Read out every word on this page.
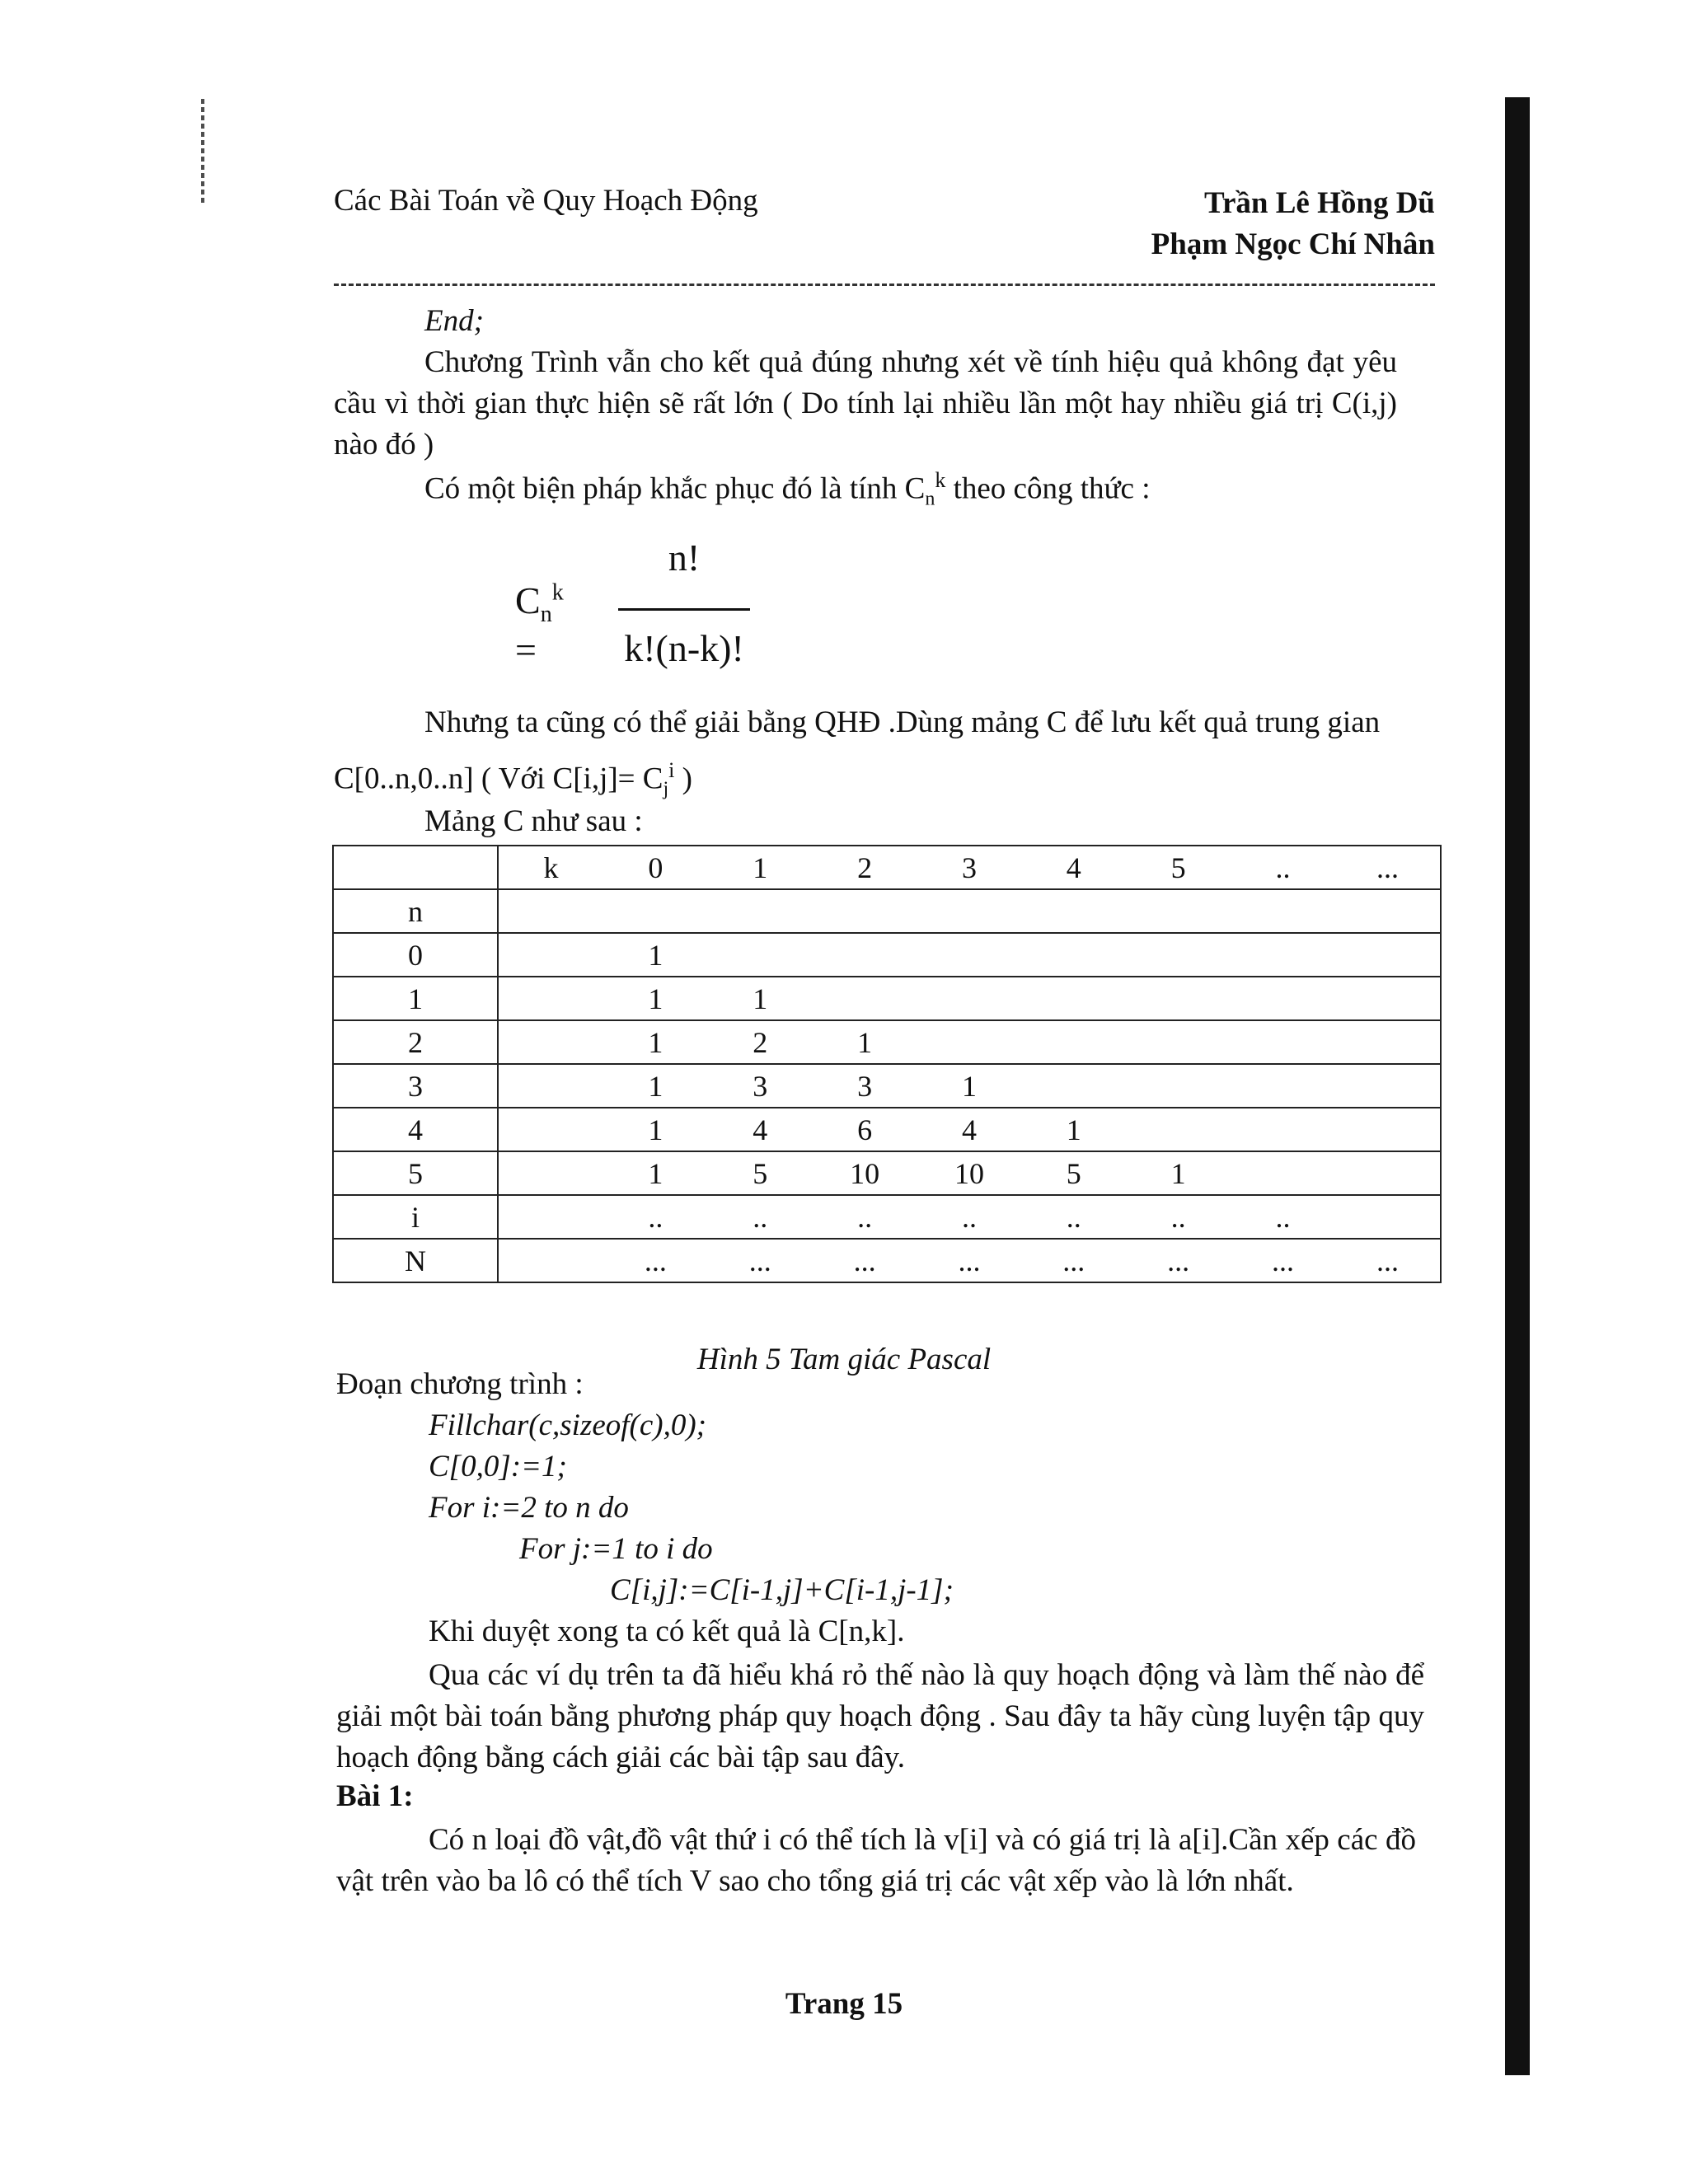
Các Bài Toán về Quy Hoạch Động	Trần Lê Hồng Dũ
Phạm Ngọc Chí Nhân
End;
Chương Trình vẫn cho kết quả đúng nhưng xét về tính hiệu quả không đạt yêu cầu vì thời gian thực hiện sẽ rất lớn ( Do tính lại nhiều lần một hay nhiều giá trị C(i,j) nào đó )
Có một biện pháp khắc phục đó là tính $C_n^k$ theo công thức :
$C_n^k$ =
n!
k!(n-k)!
Nhưng ta cũng có thể giải bằng QHĐ .Dùng mảng C để lưu kết quả trung gian
C[0..n,0..n] ( Với $C[i,j]= C_j^i$ )
Mảng C như sau :
	k	0	1	2	3	4	5	..	...
n									
0		1							
1		1	1						
2		1	2	1					
3		1	3	3	1				
4		1	4	6	4	1			
5		1	5	10	10	5	1		
i		..	..	..	..	..	..	..	
N		...	...	...	...	...	...	...	...
Hình 5 Tam giác Pascal
Đoạn chương trình :
Fillchar(c,sizeof(c),0);
C[0,0]:=1;
For i:=2 to n do
For j:=1 to i do
C[i,j]:=C[i-1,j]+C[i-1,j-1];
Khi duyệt xong ta có kết quả là C[n,k].
Qua các ví dụ trên ta đã hiểu khá rỏ thế nào là quy hoạch động và làm thế nào để giải một bài toán bằng phương pháp quy hoạch động . Sau đây ta hãy cùng luyện tập quy hoạch động bằng cách giải các bài tập sau đây.
Bài 1:
Có n loại đồ vật,đồ vật thứ i có thể tích là v[i] và có giá trị là a[i].Cần xếp các đồ vật trên vào ba lô có thể tích V sao cho tổng giá trị các vật xếp vào là lớn nhất.
Trang 15
